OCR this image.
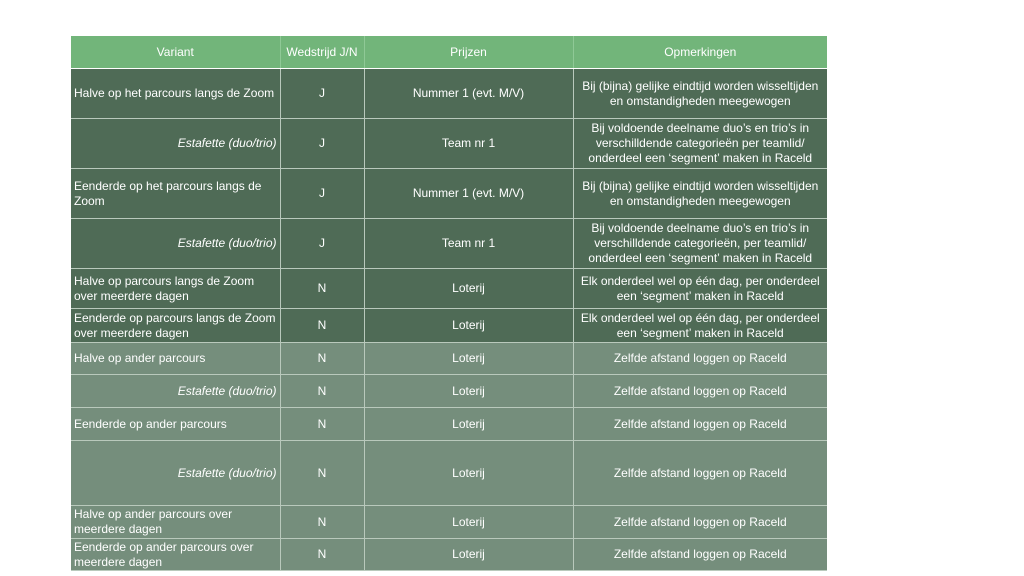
Variant	Wedstrijd J/N	Prijzen	Opmerkingen
Halve op het parcours langs de Zoom	J	Nummer 1 (evt. M/V)	Bij (bijna) gelijke eindtijd worden wisseltijden en omstandigheden meegewogen
Estafette (duo/trio)	J	Team nr 1	Bij voldoende deelname duo’s en trio’s in verschilldende categorieën per teamlid/ onderdeel een ‘segment’ maken in Raceld
Eenderde op het parcours langs de Zoom	J	Nummer 1 (evt. M/V)	Bij (bijna) gelijke eindtijd worden wisseltijden en omstandigheden meegewogen
Estafette (duo/trio)	J	Team nr 1	Bij voldoende deelname duo’s en trio’s in verschilldende categorieën, per teamlid/ onderdeel een ‘segment’ maken in Raceld
Halve op parcours langs de Zoom over meerdere dagen	N	Loterij	Elk onderdeel wel op één dag, per onderdeel een ‘segment’ maken in Raceld
Eenderde op parcours langs de Zoom over meerdere dagen	N	Loterij	Elk onderdeel wel op één dag, per onderdeel een ‘segment’ maken in Raceld
Halve op ander parcours	N	Loterij	Zelfde afstand loggen op Raceld
Estafette (duo/trio)	N	Loterij	Zelfde afstand loggen op Raceld
Eenderde op ander parcours	N	Loterij	Zelfde afstand loggen op Raceld
Estafette (duo/trio)	N	Loterij	Zelfde afstand loggen op Raceld
Halve op ander parcours over meerdere dagen	N	Loterij	Zelfde afstand loggen op Raceld
Eenderde op ander parcours over meerdere dagen	N	Loterij	Zelfde afstand loggen op Raceld
